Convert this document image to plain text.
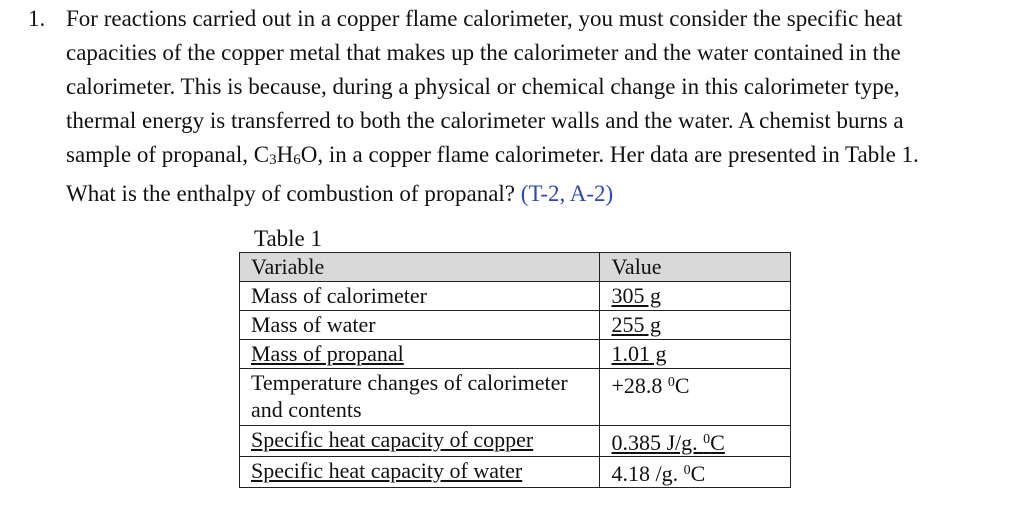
1. For reactions carried out in a copper flame calorimeter, you must consider the specific heat
capacities of the copper metal that makes up the calorimeter and the water contained in the
calorimeter. This is because, during a physical or chemical change in this calorimeter type,
thermal energy is transferred to both the calorimeter walls and the water. A chemist burns a
sample of propanal, $C_3H_6O$, in a copper flame calorimeter. Her data are presented in Table 1.
What is the enthalpy of combustion of propanal? (T-2, A-2)
Table 1
Variable	Value
Mass of calorimeter	305 g
Mass of water	255 g
Mass of propanal	1.01 g
Temperature changes of calorimeter and contents	+28.8 $^0$C
Specific heat capacity of copper	0.385 J/g. $^0$C
Specific heat capacity of water	4.18 /g. $^0$C
